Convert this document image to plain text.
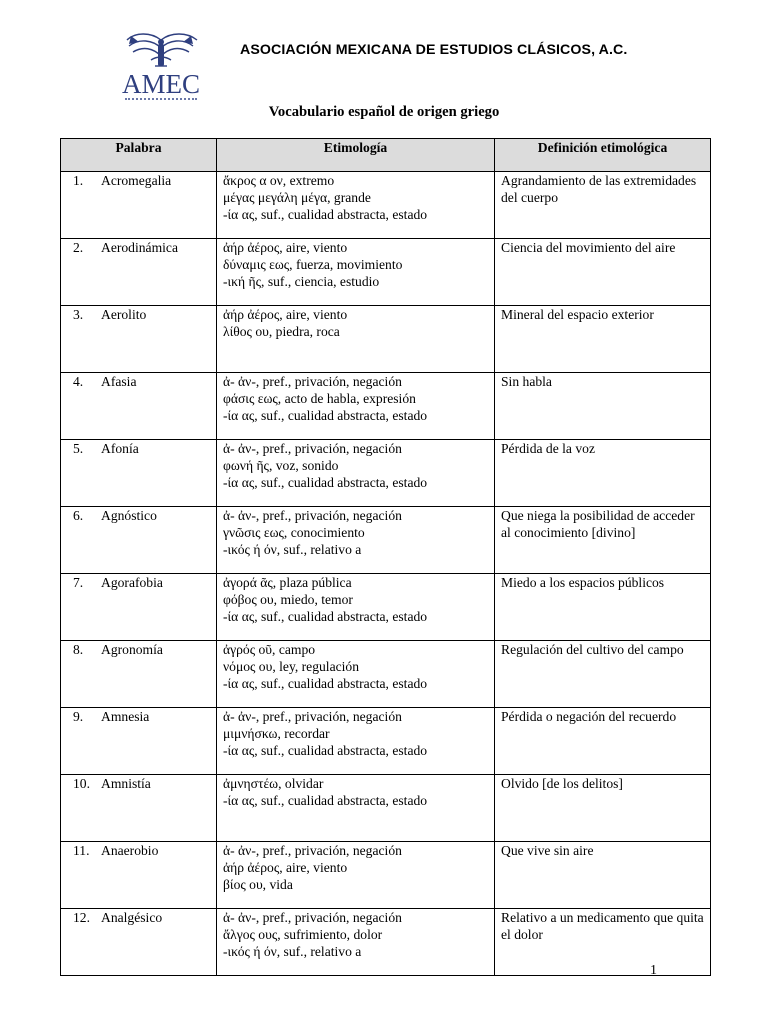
AMEC
ASOCIACIÓN MEXICANA DE ESTUDIOS CLÁSICOS, A.C.
Vocabulario español de origen griego
Palabra	Etimología	Definición etimológica

1. Acromegalia	ἄκρος α ον, extremo
μέγας μεγάλη μέγα, grande
-ία ας, suf., cualidad abstracta, estado	Agrandamiento de las extremidades del cuerpo
2. Aerodinámica	ἀήρ ἀέρος, aire, viento
δύναμις εως, fuerza, movimiento
-ική ῆς, suf., ciencia, estudio	Ciencia del movimiento del aire
3. Aerolito	ἀήρ ἀέρος, aire, viento
λίθος ου, piedra, roca	Mineral del espacio exterior
4. Afasia	ἀ- ἀν-, pref., privación, negación
φάσις εως, acto de habla, expresión
-ία ας, suf., cualidad abstracta, estado	Sin habla
5. Afonía	ἀ- ἀν-, pref., privación, negación
φωνή ῆς, voz, sonido
-ία ας, suf., cualidad abstracta, estado	Pérdida de la voz
6. Agnóstico	ἀ- ἀν-, pref., privación, negación
γνῶσις εως, conocimiento
-ικός ή όν, suf., relativo a	Que niega la posibilidad de acceder al conocimiento [divino]
7. Agorafobia	ἀγορά ᾶς, plaza pública
φόβος ου, miedo, temor
-ία ας, suf., cualidad abstracta, estado	Miedo a los espacios públicos
8. Agronomía	ἀγρός οῦ, campo
νόμος ου, ley, regulación
-ία ας, suf., cualidad abstracta, estado	Regulación del cultivo del campo
9. Amnesia	ἀ- ἀν-, pref., privación, negación
μιμνήσκω, recordar
-ία ας, suf., cualidad abstracta, estado	Pérdida o negación del recuerdo
10. Amnistía	ἀμνηστέω, olvidar
-ία ας, suf., cualidad abstracta, estado	Olvido [de los delitos]
11. Anaerobio	ἀ- ἀν-, pref., privación, negación
ἀήρ ἀέρος, aire, viento
βίος ου, vida	Que vive sin aire
12. Analgésico	ἀ- ἀν-, pref., privación, negación
ἄλγος ους, sufrimiento, dolor
-ικός ή όν, suf., relativo a	Relativo a un medicamento que quita el dolor
1
